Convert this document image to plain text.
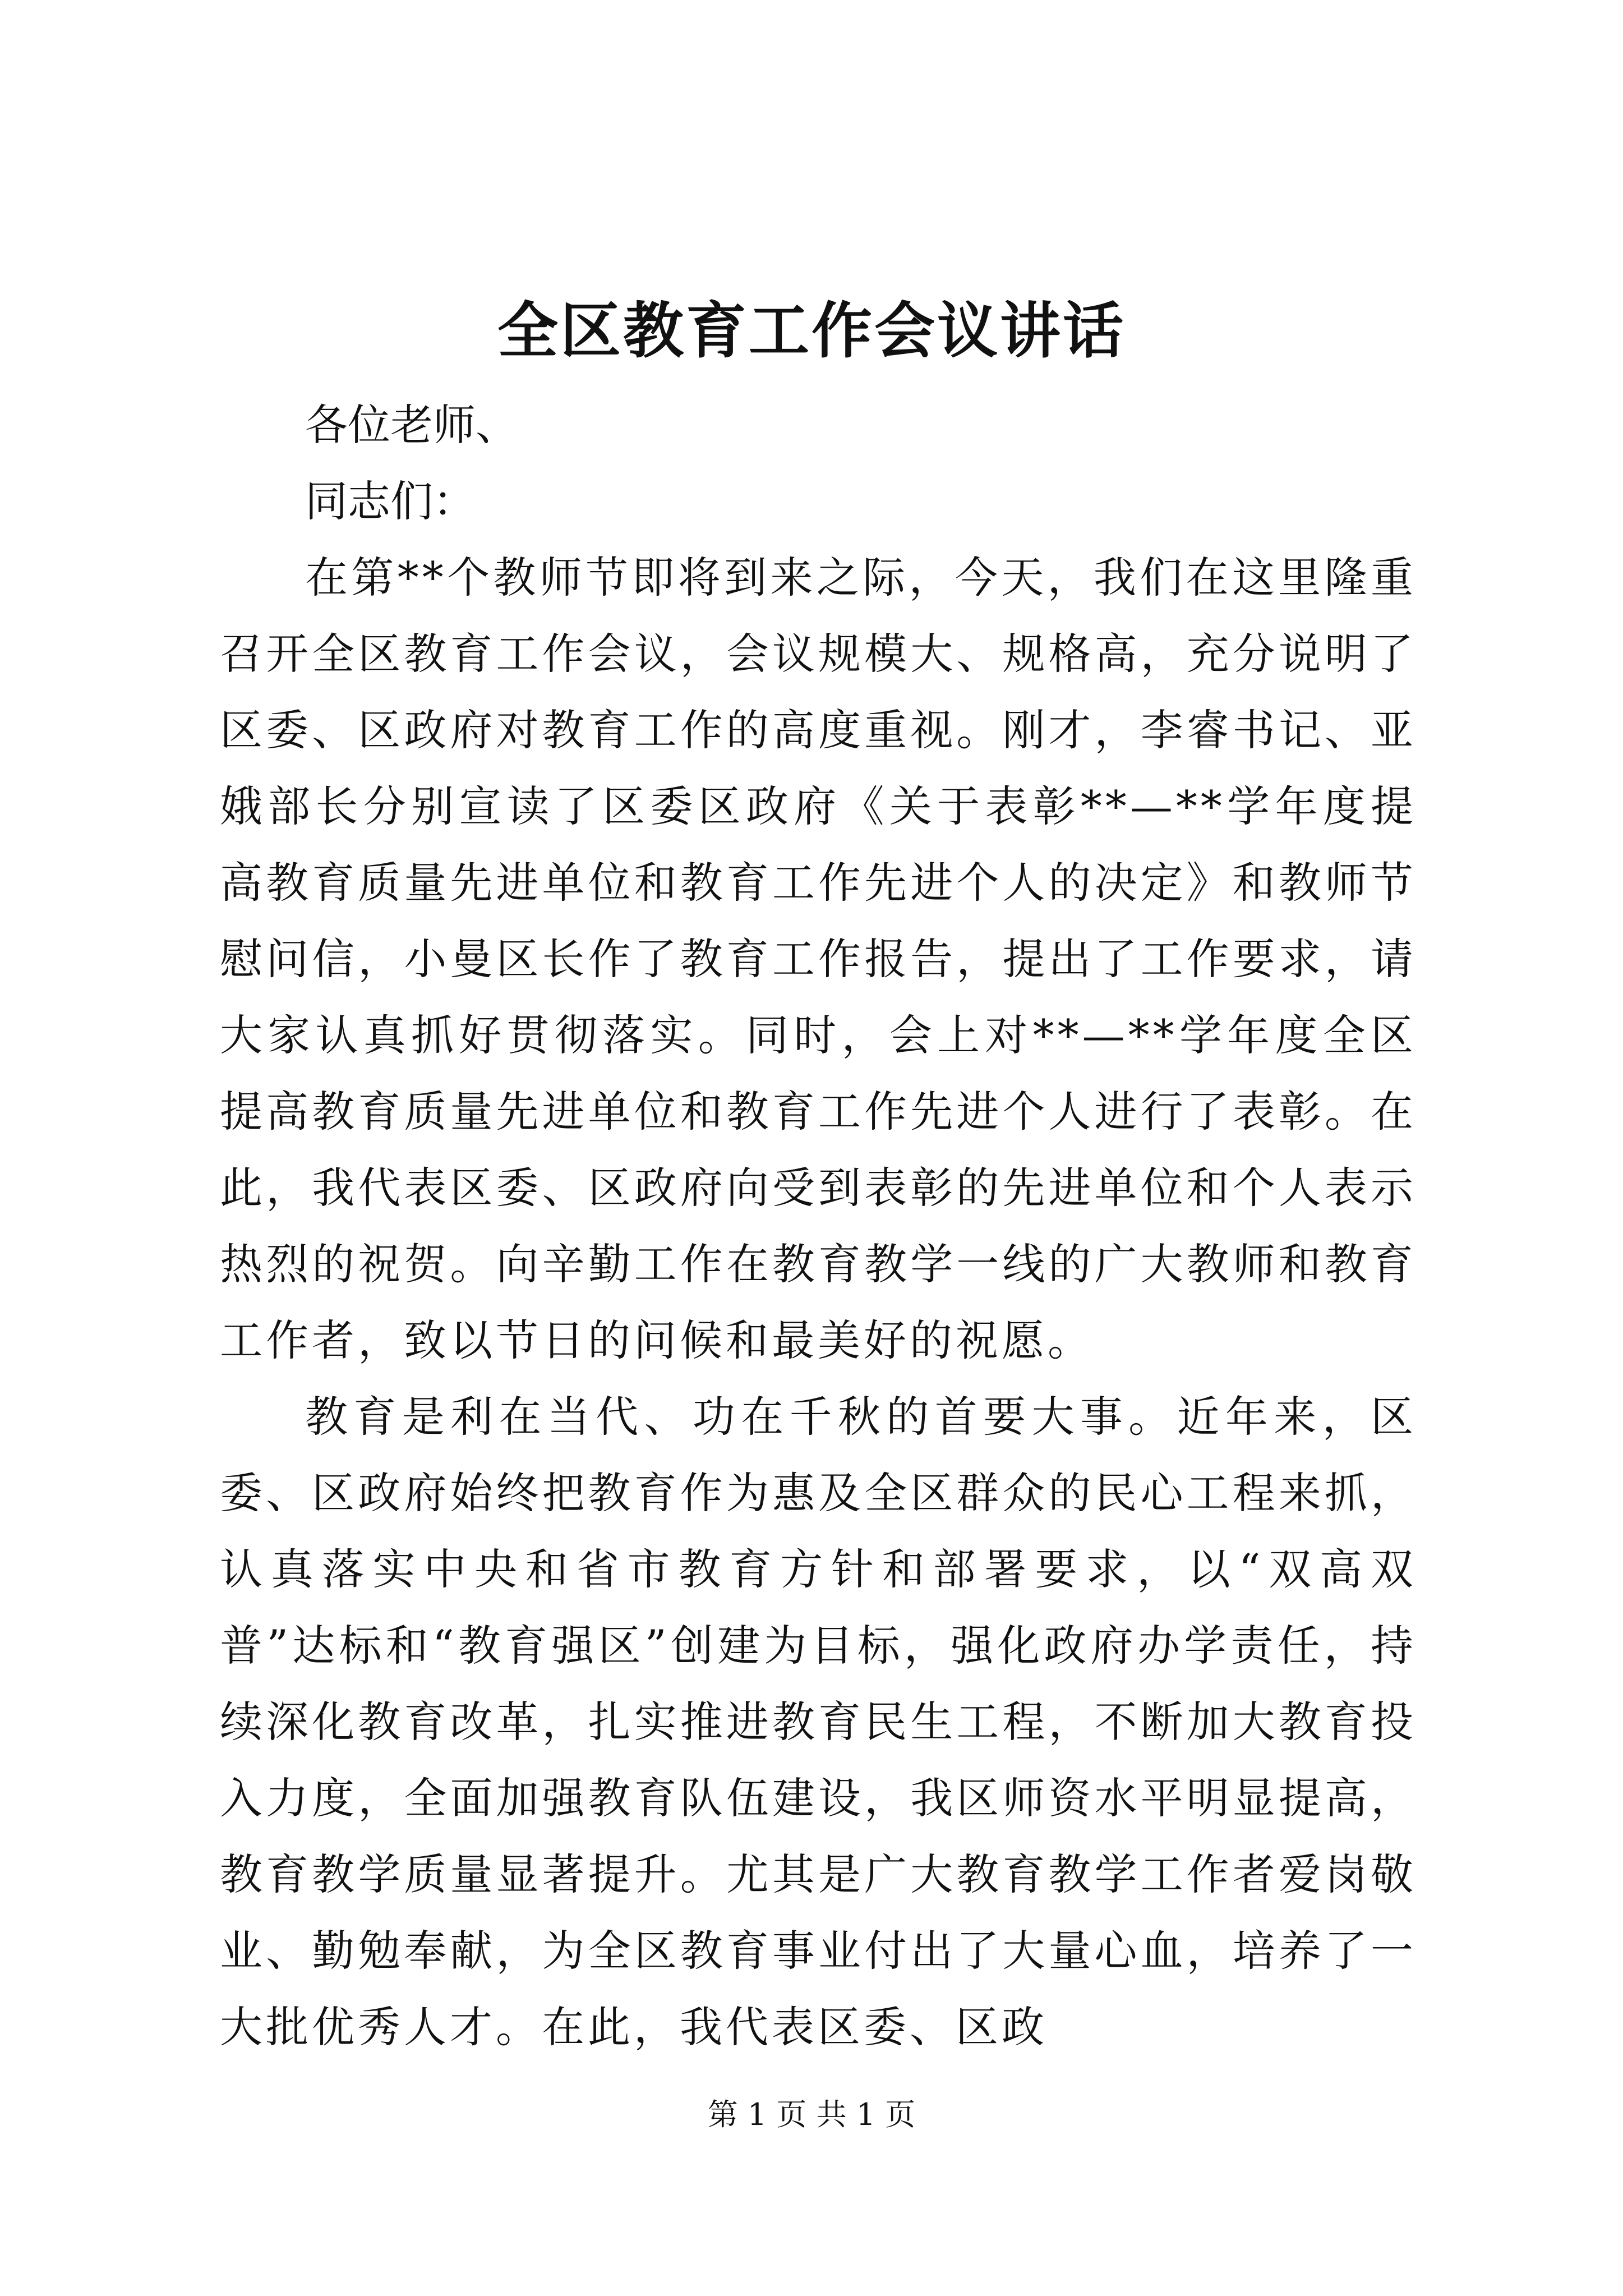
全区教育工作会议讲话

各位老师、

同志们：

在第**个教师节即将到来之际，今天，我们在这里隆重召开全区教育工作会议，会议规模大、规格高，充分说明了区委、区政府对教育工作的高度重视。刚才，李睿书记、亚娥部长分别宣读了区委区政府《关于表彰**—**学年度提高教育质量先进单位和教育工作先进个人的决定》和教师节慰问信，小曼区长作了教育工作报告，提出了工作要求，请大家认真抓好贯彻落实。同时，会上对**—**学年度全区提高教育质量先进单位和教育工作先进个人进行了表彰。在此，我代表区委、区政府向受到表彰的先进单位和个人表示热烈的祝贺。向辛勤工作在教育教学一线的广大教师和教育工作者，致以节日的问候和最美好的祝愿。

教育是利在当代、功在千秋的首要大事。近年来，区委、区政府始终把教育作为惠及全区群众的民心工程来抓，认真落实中央和省市教育方针和部署要求，以“双高双普”达标和“教育强区”创建为目标，强化政府办学责任，持续深化教育改革，扎实推进教育民生工程，不断加大教育投入力度，全面加强教育队伍建设，我区师资水平明显提高，教育教学质量显著提升。尤其是广大教育教学工作者爱岗敬业、勤勉奉献，为全区教育事业付出了大量心血，培养了一大批优秀人才。在此，我代表区委、区政

第 1 页 共 1 页
